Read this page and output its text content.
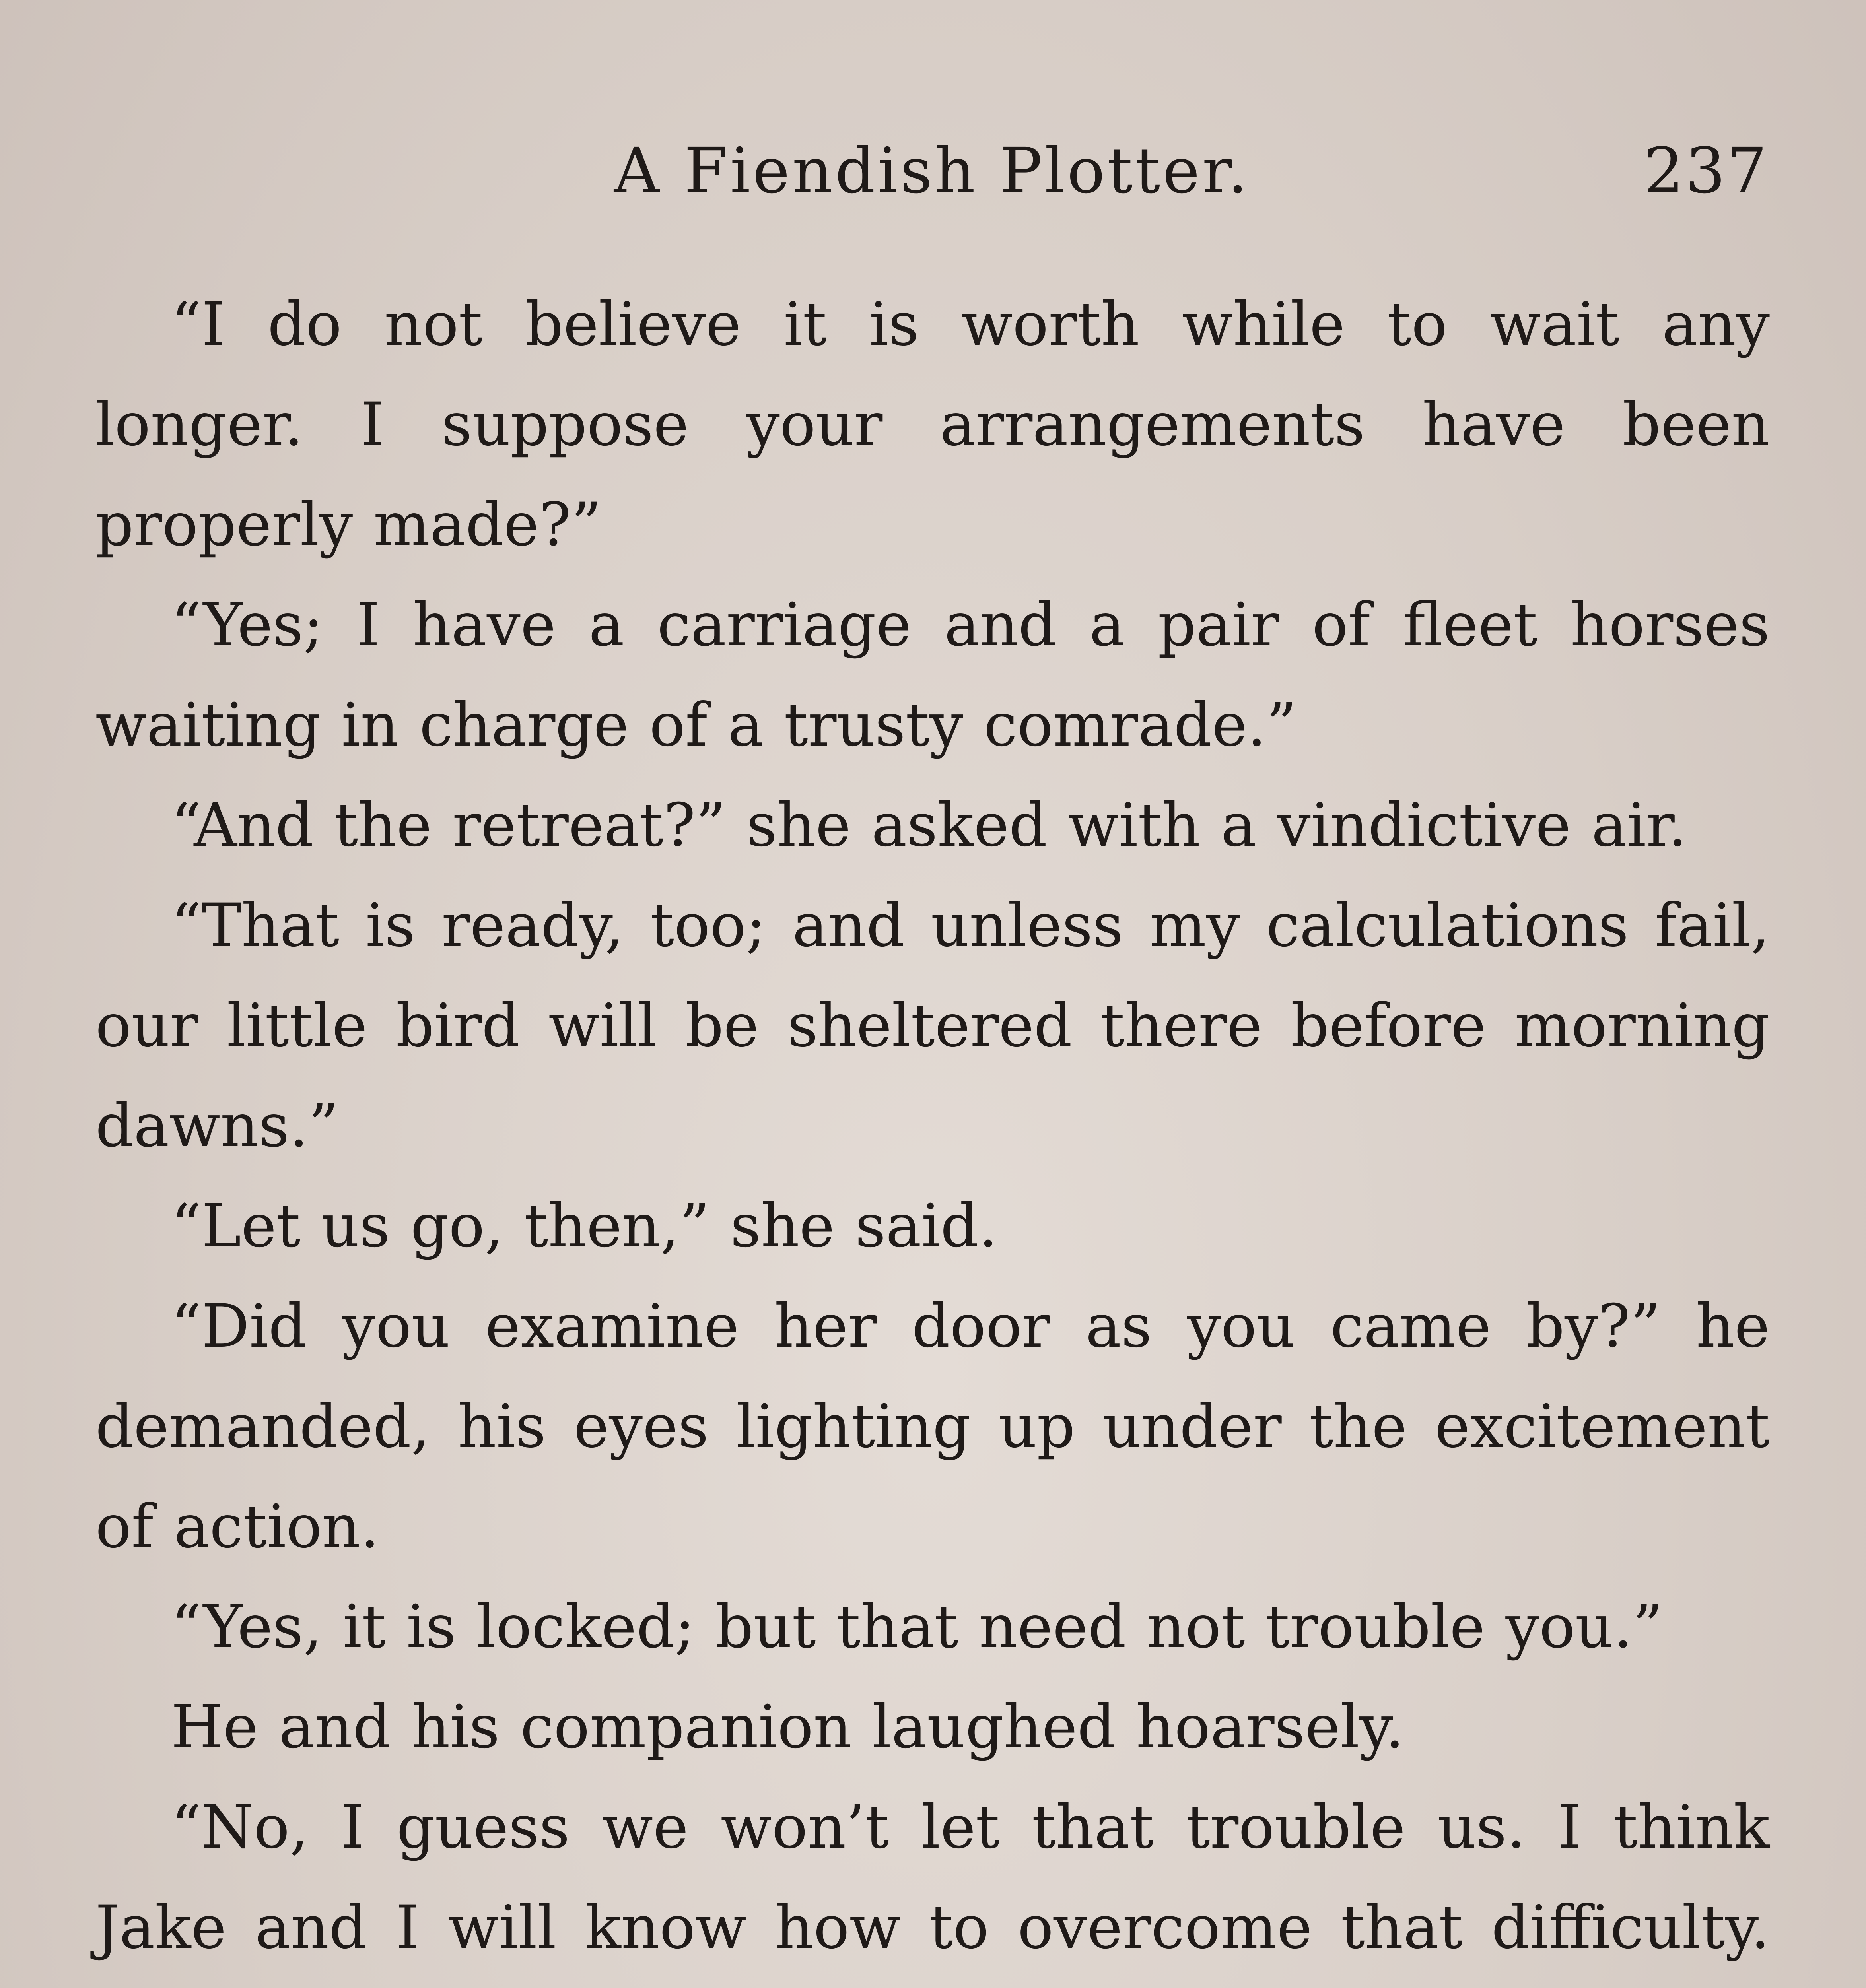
A Fiendish Plotter.	237

“I do not believe it is worth while to wait any longer. I suppose your arrangements have been properly made?”

“Yes; I have a carriage and a pair of fleet horses waiting in charge of a trusty comrade.”

“And the retreat?” she asked with a vindictive air.

“That is ready, too; and unless my calculations fail, our little bird will be sheltered there before morning dawns.”

“Let us go, then,” she said.

“Did you examine her door as you came by?” he demanded, his eyes lighting up under the excitement of action.

“Yes, it is locked; but that need not trouble you.”

He and his companion laughed hoarsely.

“No, I guess we won’t let that trouble us. I think Jake and I will know how to overcome that difficulty.
